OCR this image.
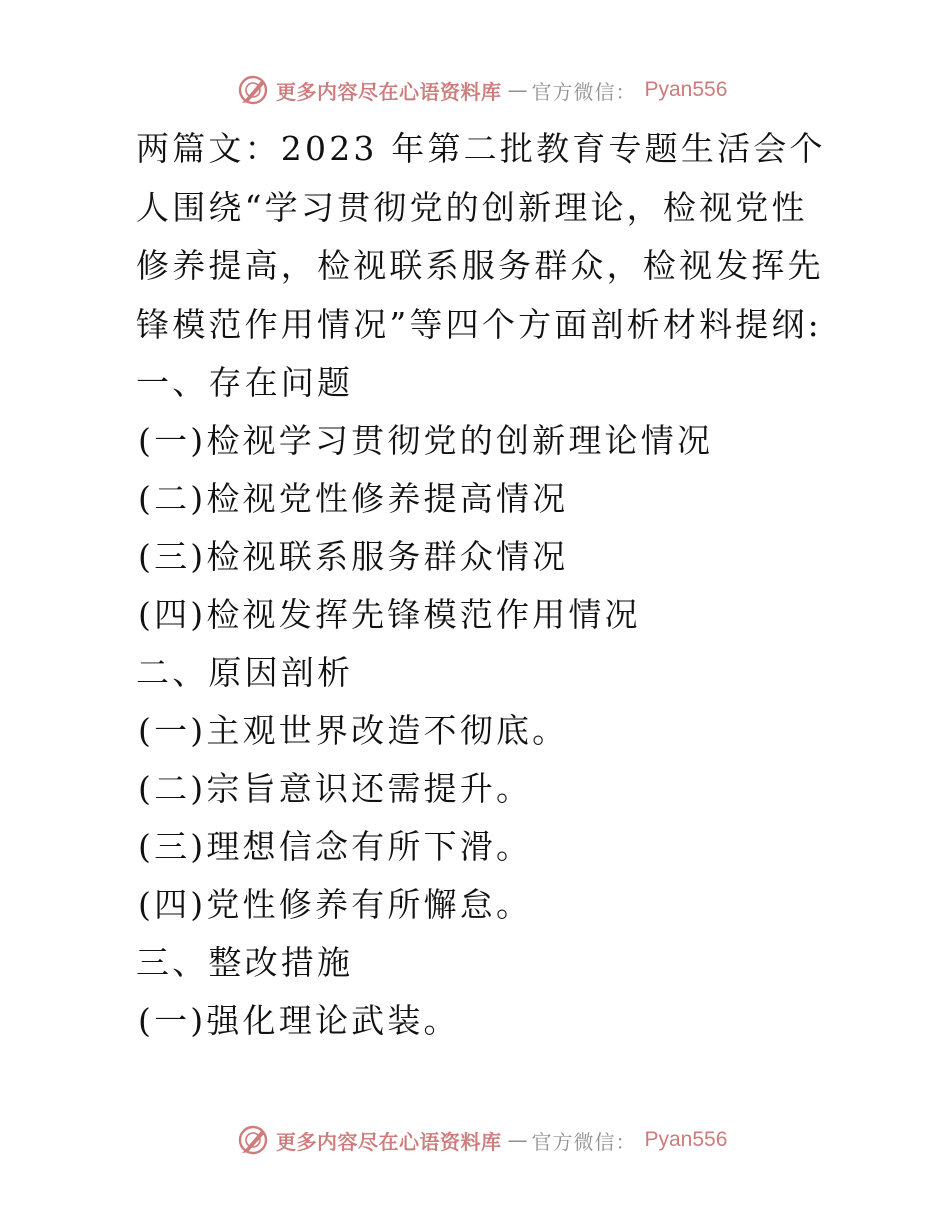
更多内容尽在心语资料库 — 官方微信： Pyan556
两篇文：2023 年第二批教育专题生活会个人围绕“学习贯彻党的创新理论，检视党性修养提高，检视联系服务群众，检视发挥先锋模范作用情况”等四个方面剖析材料提纲:
一、存在问题
(一)检视学习贯彻党的创新理论情况
(二)检视党性修养提高情况
(三)检视联系服务群众情况
(四)检视发挥先锋模范作用情况
二、原因剖析
(一)主观世界改造不彻底。
(二)宗旨意识还需提升。
(三)理想信念有所下滑。
(四)党性修养有所懈怠。
三、整改措施
(一)强化理论武装。
更多内容尽在心语资料库 — 官方微信： Pyan556
